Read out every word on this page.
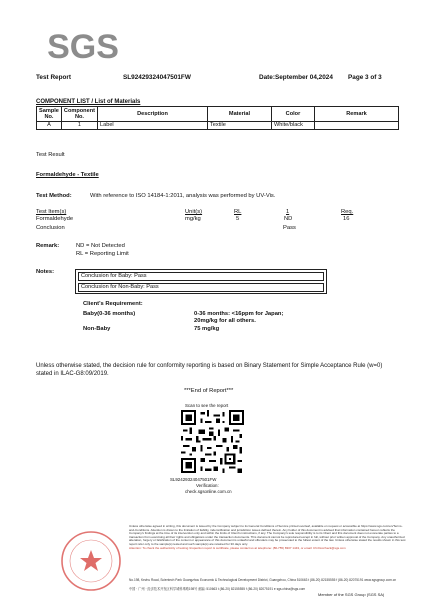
SGS
Test Report	SL92429324047501FW	Date:September 04,2024 Page 3 of 3
COMPONENT LIST / List of Materials
Sample No.	Component No.	Description	Material	Color	Remark
A	1	Label	Textile	White/black	
Test Result
Formaldehyde - Textile
Test Method:	With reference to ISO 14184-1:2011, analysis was performed by UV-Vis.
Test Item(s)	Unit(s)	RL	1	Req.
Formaldehyde	mg/kg	5	ND	16
Conclusion	Pass
Remark:	ND = Not Detected
RL = Reporting Limit
Notes:
Conclusion for Baby: Pass
Conclusion for Non-Baby: Pass
Client's Requirement:
Baby(0-36 months)	0-36 months: <16ppm for Japan;
20mg/kg for all others.
Non-Baby	75 mg/kg
Unless otherwise stated, the decision rule for conformity reporting is based on Binary Statement for Simple Acceptance Rule (w=0) stated in ILAC-G8:09/2019.
***End of Report***
Scan to see the report
SL92429324047501FW
Verification:
check.sgsonline.com.cn
Unless otherwise agreed in writing, this document is issued by the Company subject to its General Conditions of Service printed overleaf, available on request or accessible at https://www.sgs.com/en/Terms-and-Conditions. Attention is drawn to the limitation of liability, indemnification and jurisdiction issues defined therein. Any holder of this document is advised that information contained hereon reflects the Company's findings at the time of its intervention only and within the limits of Client's instructions, if any. The Company's sole responsibility is to its Client and this document does not exonerate parties to a transaction from exercising all their rights and obligations under the transaction documents. This document cannot be reproduced except in full, without prior written approval of the Company. Any unauthorized alteration, forgery or falsification of the content or appearance of this document is unlawful and offenders may be prosecuted to the fullest extent of the law. Unless otherwise stated the results shown in this test report refer only to the sample(s) tested and such sample(s) are retained for 30 days only.
Attention: To check the authenticity of testing /inspection report & certificate, please contact us at telephone: (86-755) 8307 1443, or email: CN.Doccheck@sgs.com
No.198, Kezhu Road, Scientech Park Guangzhou Economic & Technological Development District, Guangzhou, China 510663 t (86-20) 82155555 f (86-20) 82075191 www.sgsgroup.com.cn
中国 · 广州 · 经济技术开发区科学城科珠路198号 邮编: 510663 t (86-20) 82155555 f (86-20) 82075191 e sgs.china@sgs.com
Member of the SGS Group (SGS SA)
